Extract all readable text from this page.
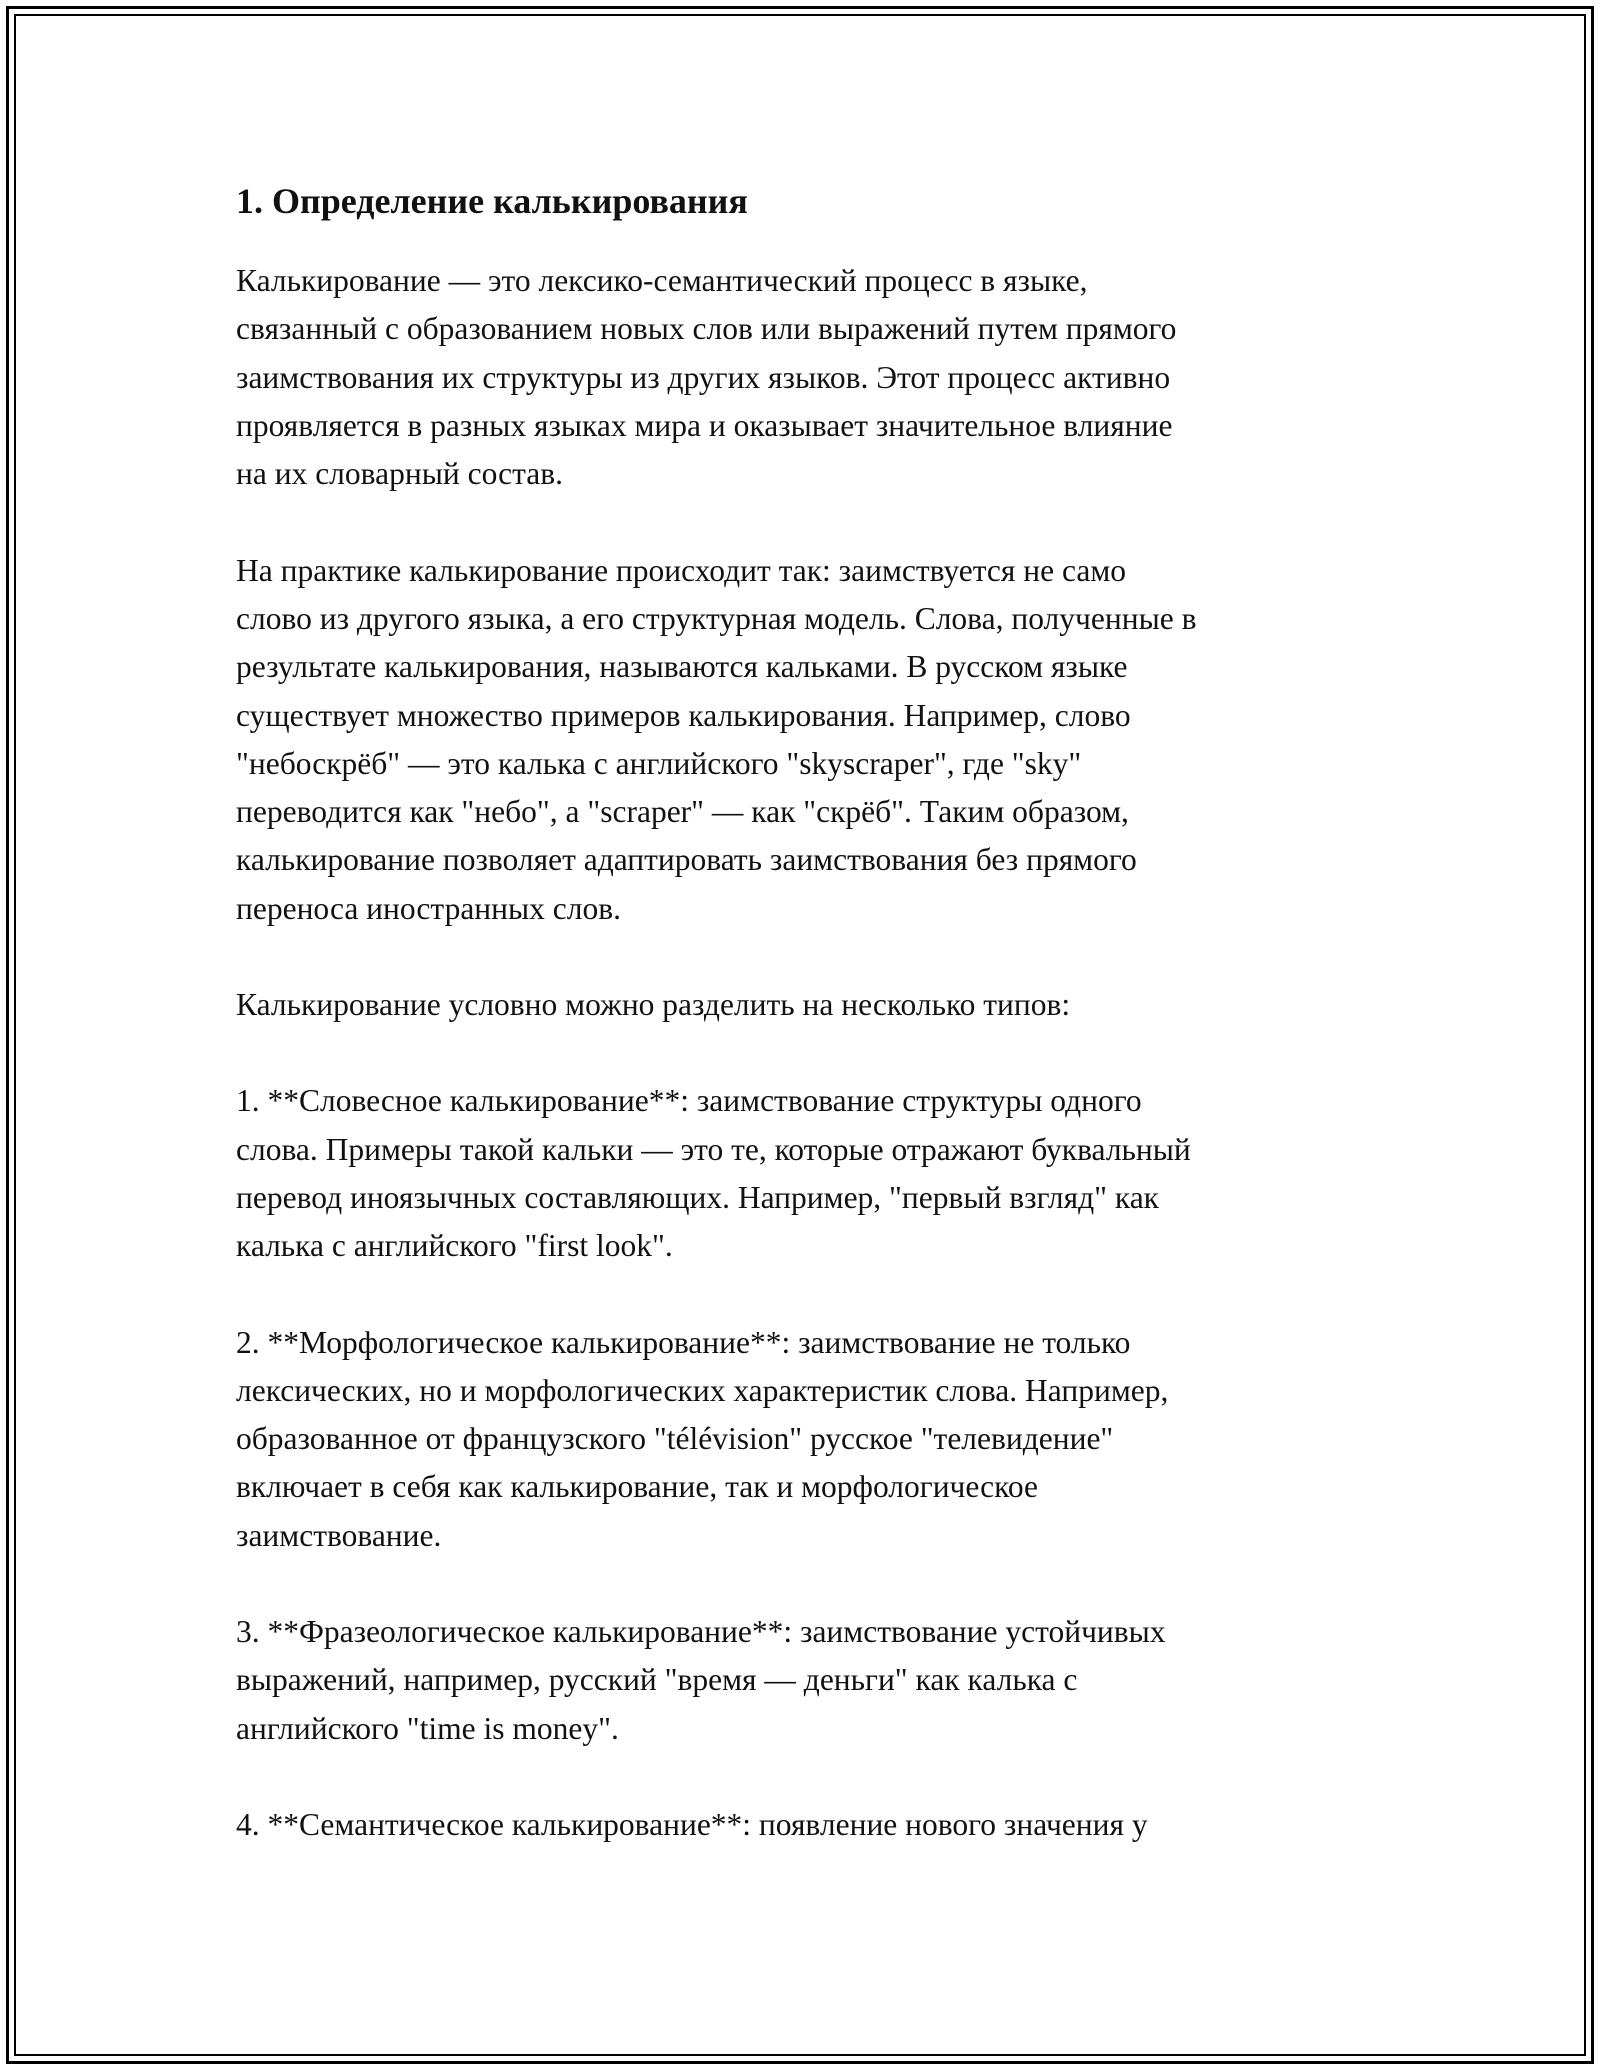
1. Определение калькирования

Калькирование — это лексико-семантический процесс в языке,
связанный с образованием новых слов или выражений путем прямого
заимствования их структуры из других языков. Этот процесс активно
проявляется в разных языках мира и оказывает значительное влияние
на их словарный состав.

На практике калькирование происходит так: заимствуется не само
слово из другого языка, а его структурная модель. Слова, полученные в
результате калькирования, называются кальками. В русском языке
существует множество примеров калькирования. Например, слово
"небоскрёб" — это калька с английского "skyscraper", где "sky"
переводится как "небо", а "scraper" — как "скрёб". Таким образом,
калькирование позволяет адаптировать заимствования без прямого
переноса иностранных слов.

Калькирование условно можно разделить на несколько типов:

1. **Словесное калькирование**: заимствование структуры одного
слова. Примеры такой кальки — это те, которые отражают буквальный
перевод иноязычных составляющих. Например, "первый взгляд" как
калька с английского "first look".

2. **Морфологическое калькирование**: заимствование не только
лексических, но и морфологических характеристик слова. Например,
образованное от французского "télévision" русское "телевидение"
включает в себя как калькирование, так и морфологическое
заимствование.

3. **Фразеологическое калькирование**: заимствование устойчивых
выражений, например, русский "время — деньги" как калька с
английского "time is money".

4. **Семантическое калькирование**: появление нового значения у
